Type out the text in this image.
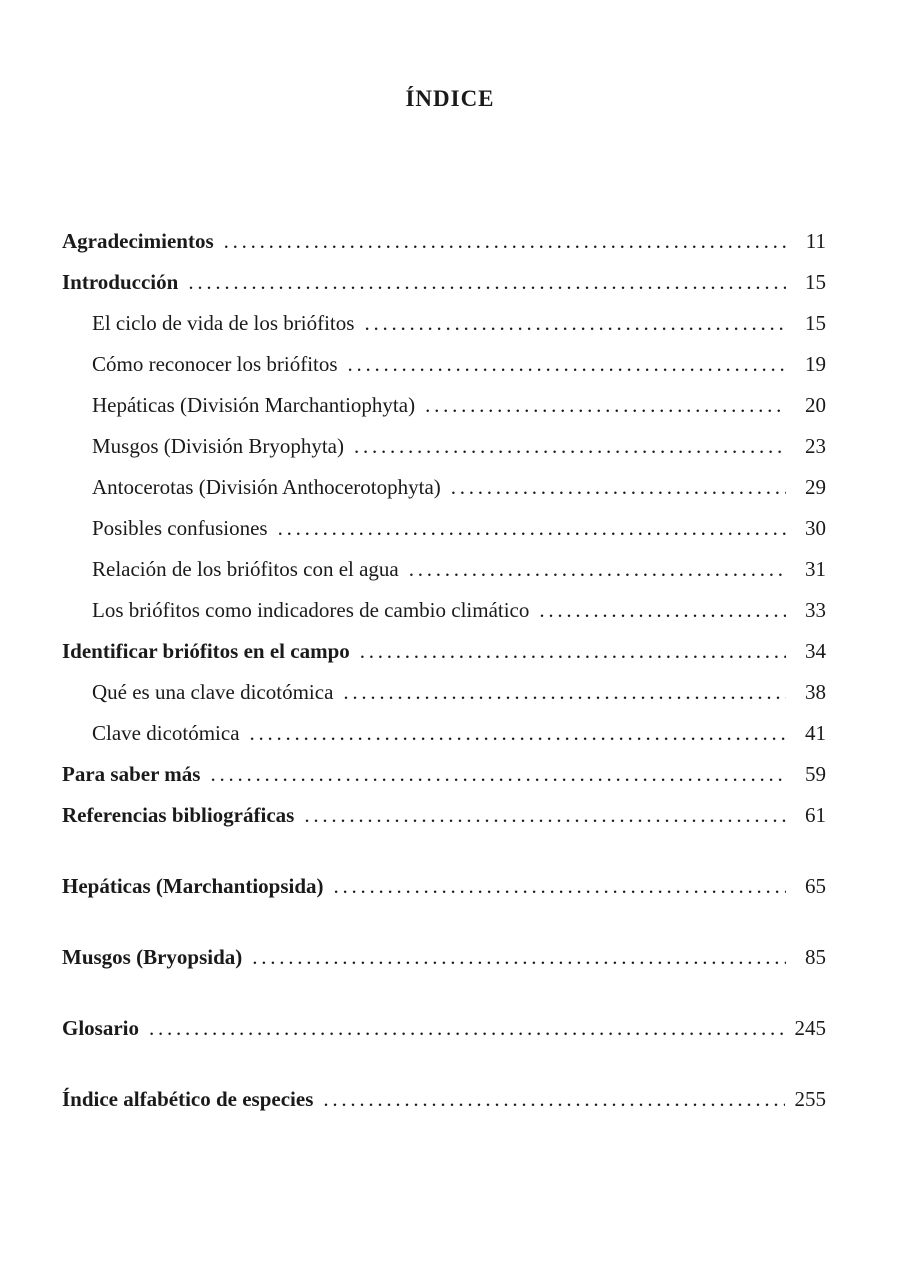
ÍNDICE
Agradecimientos . . .	11
Introducción . . .	15
El ciclo de vida de los briófitos . . .	15
Cómo reconocer los briófitos . . .	19
Hepáticas (División Marchantiophyta) . . .	20
Musgos (División Bryophyta) . . .	23
Antocerotas (División Anthocerotophyta) . . .	29
Posibles confusiones . . .	30
Relación de los briófitos con el agua . . .	31
Los briófitos como indicadores de cambio climático . . .	33
Identificar briófitos en el campo . . .	34
Qué es una clave dicotómica . . .	38
Clave dicotómica . . .	41
Para saber más . . .	59
Referencias bibliográficas . . .	61
Hepáticas (Marchantiopsida) . . .	65
Musgos (Bryopsida) . . .	85
Glosario . . .	245
Índice alfabético de especies . . .	255
